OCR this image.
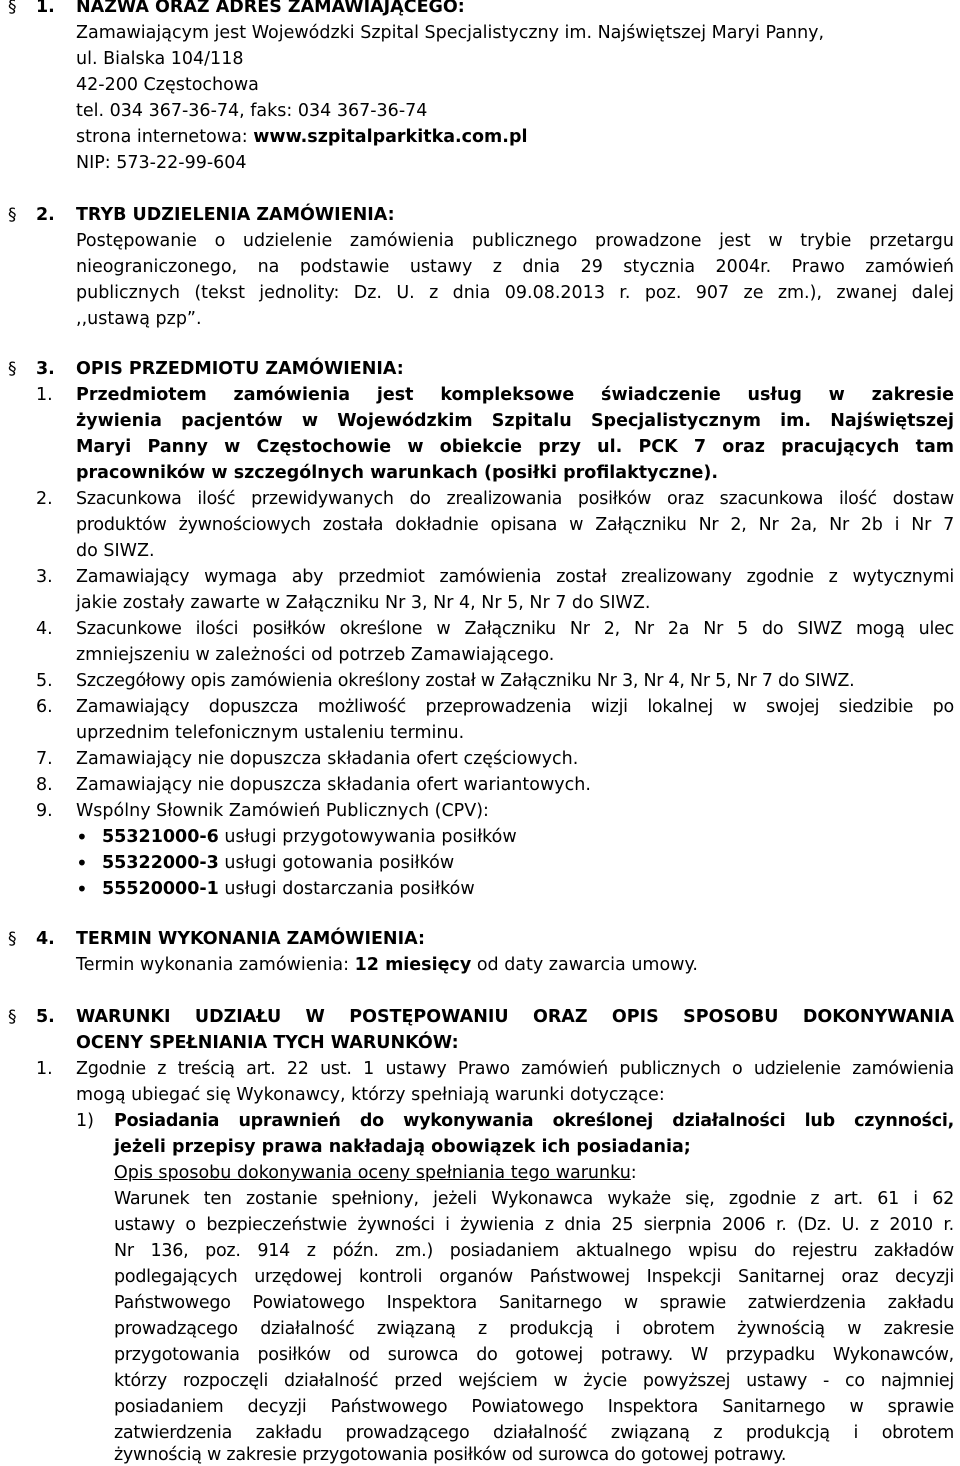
§ 1. NAZWA ORAZ ADRES ZAMAWIAJĄCEGO:
Zamawiającym jest Wojewódzki Szpital Specjalistyczny im. Najświętszej Maryi Panny,
ul. Bialska 104/118
42-200 Częstochowa
tel. 034 367-36-74, faks: 034 367-36-74
strona internetowa: www.szpitalparkitka.com.pl
NIP: 573-22-99-604
§ 2. TRYB UDZIELENIA ZAMÓWIENIA:
Postępowanie o udzielenie zamówienia publicznego prowadzone jest w trybie przetargu
nieograniczonego, na podstawie ustawy z dnia 29 stycznia 2004r. Prawo zamówień
publicznych (tekst jednolity: Dz. U. z dnia 09.08.2013 r. poz. 907 ze zm.), zwanej dalej
,,ustawą pzp”.
§ 3. OPIS PRZEDMIOTU ZAMÓWIENIA:
1. Przedmiotem zamówienia jest kompleksowe świadczenie usług w zakresie
żywienia pacjentów w Wojewódzkim Szpitalu Specjalistycznym im. Najświętszej
Maryi Panny w Częstochowie w obiekcie przy ul. PCK 7 oraz pracujących tam
pracowników w szczególnych warunkach (posiłki profilaktyczne).
2. Szacunkowa ilość przewidywanych do zrealizowania posiłków oraz szacunkowa ilość dostaw
produktów żywnościowych została dokładnie opisana w Załączniku Nr 2, Nr 2a, Nr 2b i Nr 7
do SIWZ.
3. Zamawiający wymaga aby przedmiot zamówienia został zrealizowany zgodnie z wytycznymi
jakie zostały zawarte w Załączniku Nr 3, Nr 4, Nr 5, Nr 7 do SIWZ.
4. Szacunkowe ilości posiłków określone w Załączniku Nr 2, Nr 2a Nr 5 do SIWZ mogą ulec
zmniejszeniu w zależności od potrzeb Zamawiającego.
5. Szczegółowy opis zamówienia określony został w Załączniku Nr 3, Nr 4, Nr 5, Nr 7 do SIWZ.
6. Zamawiający dopuszcza możliwość przeprowadzenia wizji lokalnej w swojej siedzibie po
uprzednim telefonicznym ustaleniu terminu.
7. Zamawiający nie dopuszcza składania ofert częściowych.
8. Zamawiający nie dopuszcza składania ofert wariantowych.
9. Wspólny Słownik Zamówień Publicznych (CPV):
• 55321000-6 usługi przygotowywania posiłków
• 55322000-3 usługi gotowania posiłków
• 55520000-1 usługi dostarczania posiłków
§ 4. TERMIN WYKONANIA ZAMÓWIENIA:
Termin wykonania zamówienia: 12 miesięcy od daty zawarcia umowy.
§ 5. WARUNKI UDZIAŁU W POSTĘPOWANIU ORAZ OPIS SPOSOBU DOKONYWANIA
OCENY SPEŁNIANIA TYCH WARUNKÓW:
1. Zgodnie z treścią art. 22 ust. 1 ustawy Prawo zamówień publicznych o udzielenie zamówienia
mogą ubiegać się Wykonawcy, którzy spełniają warunki dotyczące:
1) Posiadania uprawnień do wykonywania określonej działalności lub czynności,
jeżeli przepisy prawa nakładają obowiązek ich posiadania;
Opis sposobu dokonywania oceny spełniania tego warunku:
Warunek ten zostanie spełniony, jeżeli Wykonawca wykaże się, zgodnie z art. 61 i 62
ustawy o bezpieczeństwie żywności i żywienia z dnia 25 sierpnia 2006 r. (Dz. U. z 2010 r.
Nr 136, poz. 914 z późn. zm.) posiadaniem aktualnego wpisu do rejestru zakładów
podlegających urzędowej kontroli organów Państwowej Inspekcji Sanitarnej oraz decyzji
Państwowego Powiatowego Inspektora Sanitarnego w sprawie zatwierdzenia zakładu
prowadzącego działalność związaną z produkcją i obrotem żywnością w zakresie
przygotowania posiłków od surowca do gotowej potrawy. W przypadku Wykonawców,
którzy rozpoczęli działalność przed wejściem w życie powyższej ustawy - co najmniej
posiadaniem decyzji Państwowego Powiatowego Inspektora Sanitarnego w sprawie
zatwierdzenia zakładu prowadzącego działalność związaną z produkcją i obrotem
żywnością w zakresie przygotowania posiłków od surowca do gotowej potrawy.
